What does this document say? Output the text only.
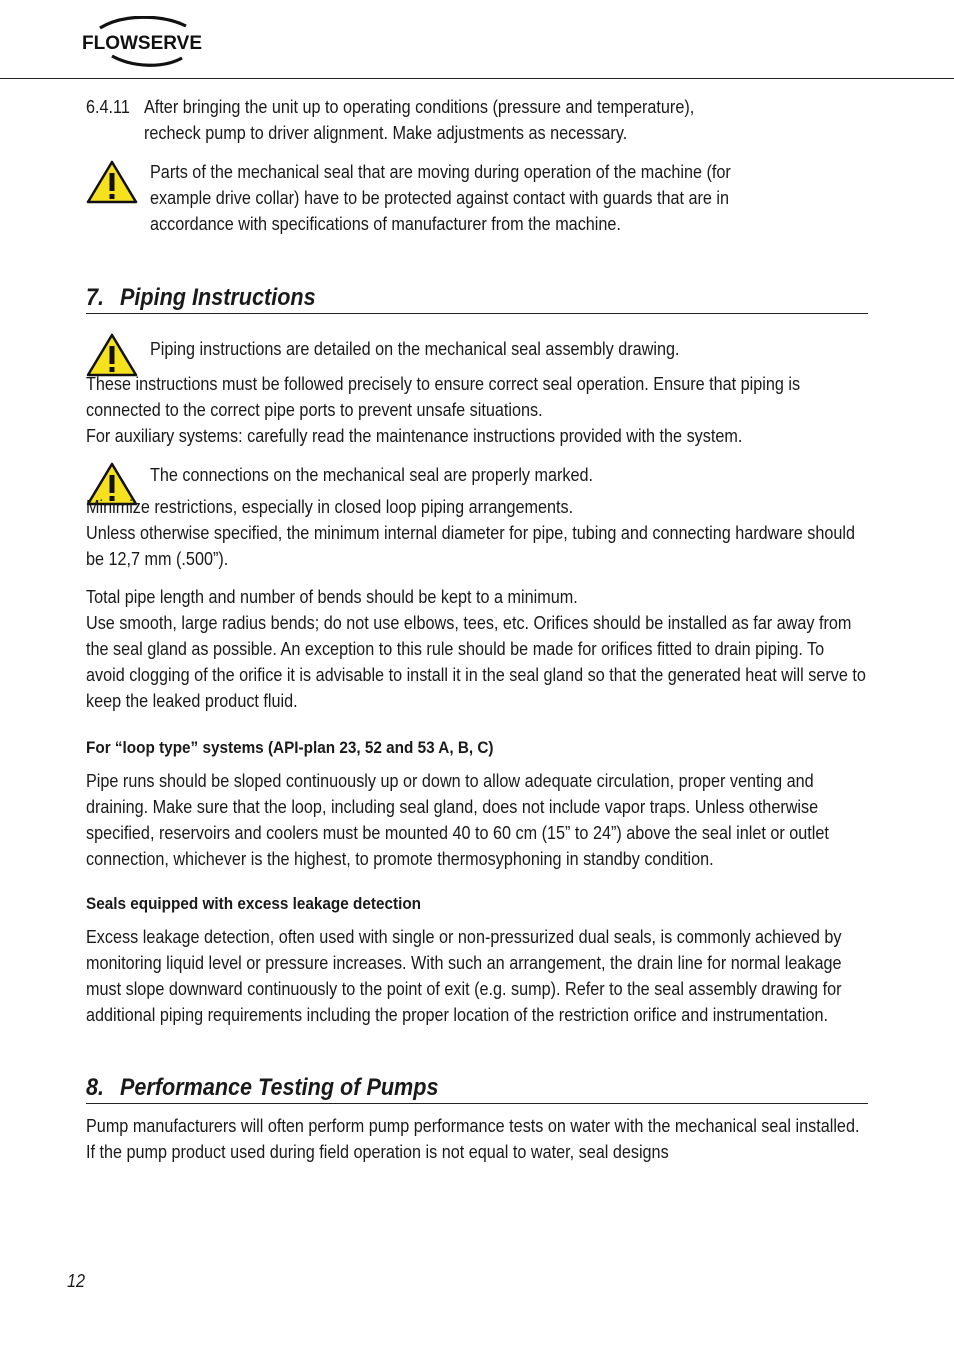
FLOWSERVE
6.4.11 After bringing the unit up to operating conditions (pressure and temperature),

recheck pump to driver alignment. Make adjustments as necessary.

Parts of the mechanical seal that are moving during operation of the machine (for example drive collar) have to be protected against contact with guards that are in accordance with specifications of manufacturer from the machine.

7. Piping Instructions

Piping instructions are detailed on the mechanical seal assembly drawing.

These instructions must be followed precisely to ensure correct seal operation. Ensure that piping is connected to the correct pipe ports to prevent unsafe situations.

For auxiliary systems: carefully read the maintenance instructions provided with the system.

The connections on the mechanical seal are properly marked.

Minimize restrictions, especially in closed loop piping arrangements.

Unless otherwise specified, the minimum internal diameter for pipe, tubing and connecting hardware should be 12,7 mm (.500”).

Total pipe length and number of bends should be kept to a minimum.

Use smooth, large radius bends; do not use elbows, tees, etc. Orifices should be installed as far away from the seal gland as possible. An exception to this rule should be made for orifices fitted to drain piping. To avoid clogging of the orifice it is advisable to install it in the seal gland so that the generated heat will serve to keep the leaked product fluid.

For “loop type” systems (API-plan 23, 52 and 53 A, B, C)

Pipe runs should be sloped continuously up or down to allow adequate circulation, proper venting and draining. Make sure that the loop, including seal gland, does not include vapor traps. Unless otherwise specified, reservoirs and coolers must be mounted 40 to 60 cm (15” to 24”) above the seal inlet or outlet connection, whichever is the highest, to promote thermosyphoning in standby condition.

Seals equipped with excess leakage detection

Excess leakage detection, often used with single or non-pressurized dual seals, is commonly achieved by monitoring liquid level or pressure increases. With such an arrangement, the drain line for normal leakage must slope downward continuously to the point of exit (e.g. sump). Refer to the seal assembly drawing for additional piping requirements including the proper location of the restriction orifice and instrumentation.

8. Performance Testing of Pumps

Pump manufacturers will often perform pump performance tests on water with the mechanical seal installed. If the pump product used during field operation is not equal to water, seal designs

12
